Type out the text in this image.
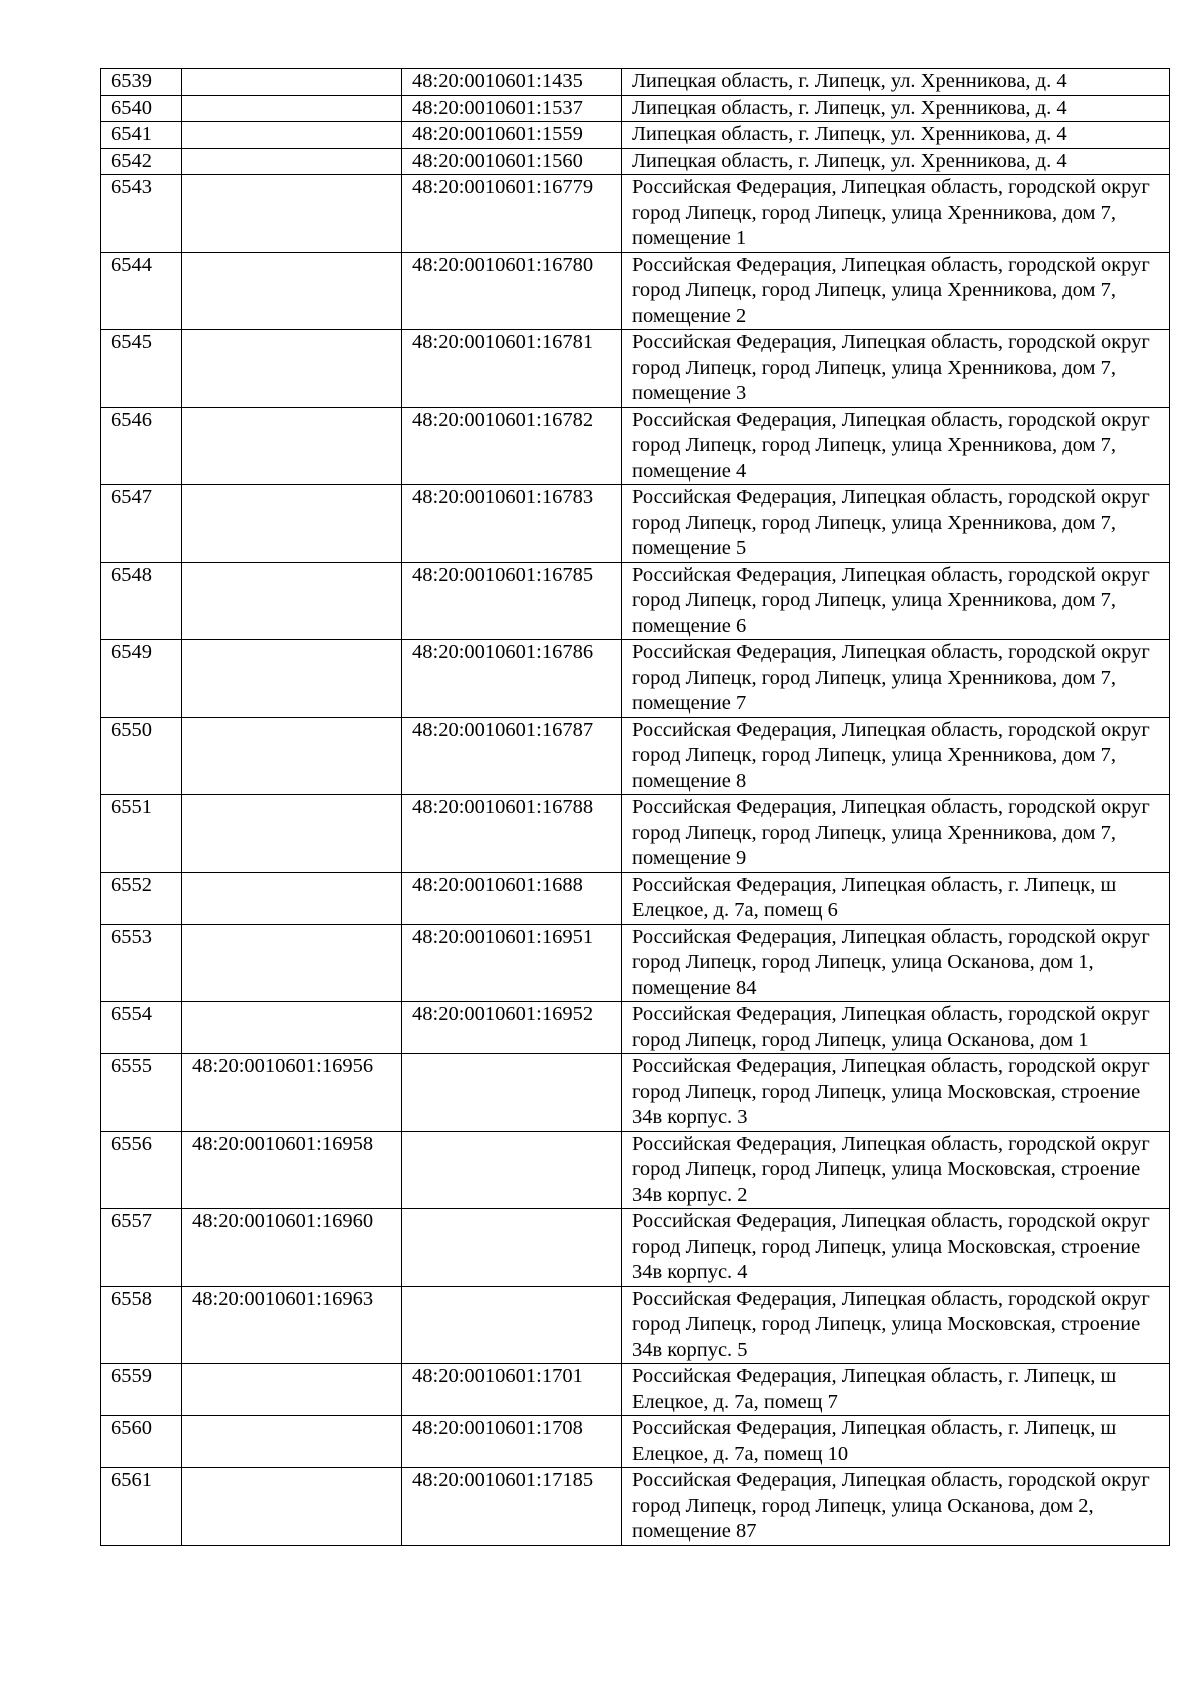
6539		48:20:0010601:1435	Липецкая область, г. Липецк, ул. Хренникова, д. 4
6540		48:20:0010601:1537	Липецкая область, г. Липецк, ул. Хренникова, д. 4
6541		48:20:0010601:1559	Липецкая область, г. Липецк, ул. Хренникова, д. 4
6542		48:20:0010601:1560	Липецкая область, г. Липецк, ул. Хренникова, д. 4
6543		48:20:0010601:16779	Российская Федерация, Липецкая область, городской округ город Липецк, город Липецк, улица Хренникова, дом 7, помещение 1
6544		48:20:0010601:16780	Российская Федерация, Липецкая область, городской округ город Липецк, город Липецк, улица Хренникова, дом 7, помещение 2
6545		48:20:0010601:16781	Российская Федерация, Липецкая область, городской округ город Липецк, город Липецк, улица Хренникова, дом 7, помещение 3
6546		48:20:0010601:16782	Российская Федерация, Липецкая область, городской округ город Липецк, город Липецк, улица Хренникова, дом 7, помещение 4
6547		48:20:0010601:16783	Российская Федерация, Липецкая область, городской округ город Липецк, город Липецк, улица Хренникова, дом 7, помещение 5
6548		48:20:0010601:16785	Российская Федерация, Липецкая область, городской округ город Липецк, город Липецк, улица Хренникова, дом 7, помещение 6
6549		48:20:0010601:16786	Российская Федерация, Липецкая область, городской округ город Липецк, город Липецк, улица Хренникова, дом 7, помещение 7
6550		48:20:0010601:16787	Российская Федерация, Липецкая область, городской округ город Липецк, город Липецк, улица Хренникова, дом 7, помещение 8
6551		48:20:0010601:16788	Российская Федерация, Липецкая область, городской округ город Липецк, город Липецк, улица Хренникова, дом 7, помещение 9
6552		48:20:0010601:1688	Российская Федерация, Липецкая область, г. Липецк, ш Елецкое, д. 7а, помещ 6
6553		48:20:0010601:16951	Российская Федерация, Липецкая область, городской округ город Липецк, город Липецк, улица Осканова, дом 1, помещение 84
6554		48:20:0010601:16952	Российская Федерация, Липецкая область, городской округ город Липецк, город Липецк, улица Осканова, дом 1
6555	48:20:0010601:16956		Российская Федерация, Липецкая область, городской округ город Липецк, город Липецк, улица Московская, строение 34в корпус. 3
6556	48:20:0010601:16958		Российская Федерация, Липецкая область, городской округ город Липецк, город Липецк, улица Московская, строение 34в корпус. 2
6557	48:20:0010601:16960		Российская Федерация, Липецкая область, городской округ город Липецк, город Липецк, улица Московская, строение 34в корпус. 4
6558	48:20:0010601:16963		Российская Федерация, Липецкая область, городской округ город Липецк, город Липецк, улица Московская, строение 34в корпус. 5
6559		48:20:0010601:1701	Российская Федерация, Липецкая область, г. Липецк, ш Елецкое, д. 7а, помещ 7
6560		48:20:0010601:1708	Российская Федерация, Липецкая область, г. Липецк, ш Елецкое, д. 7а, помещ 10
6561		48:20:0010601:17185	Российская Федерация, Липецкая область, городской округ город Липецк, город Липецк, улица Осканова, дом 2, помещение 87
